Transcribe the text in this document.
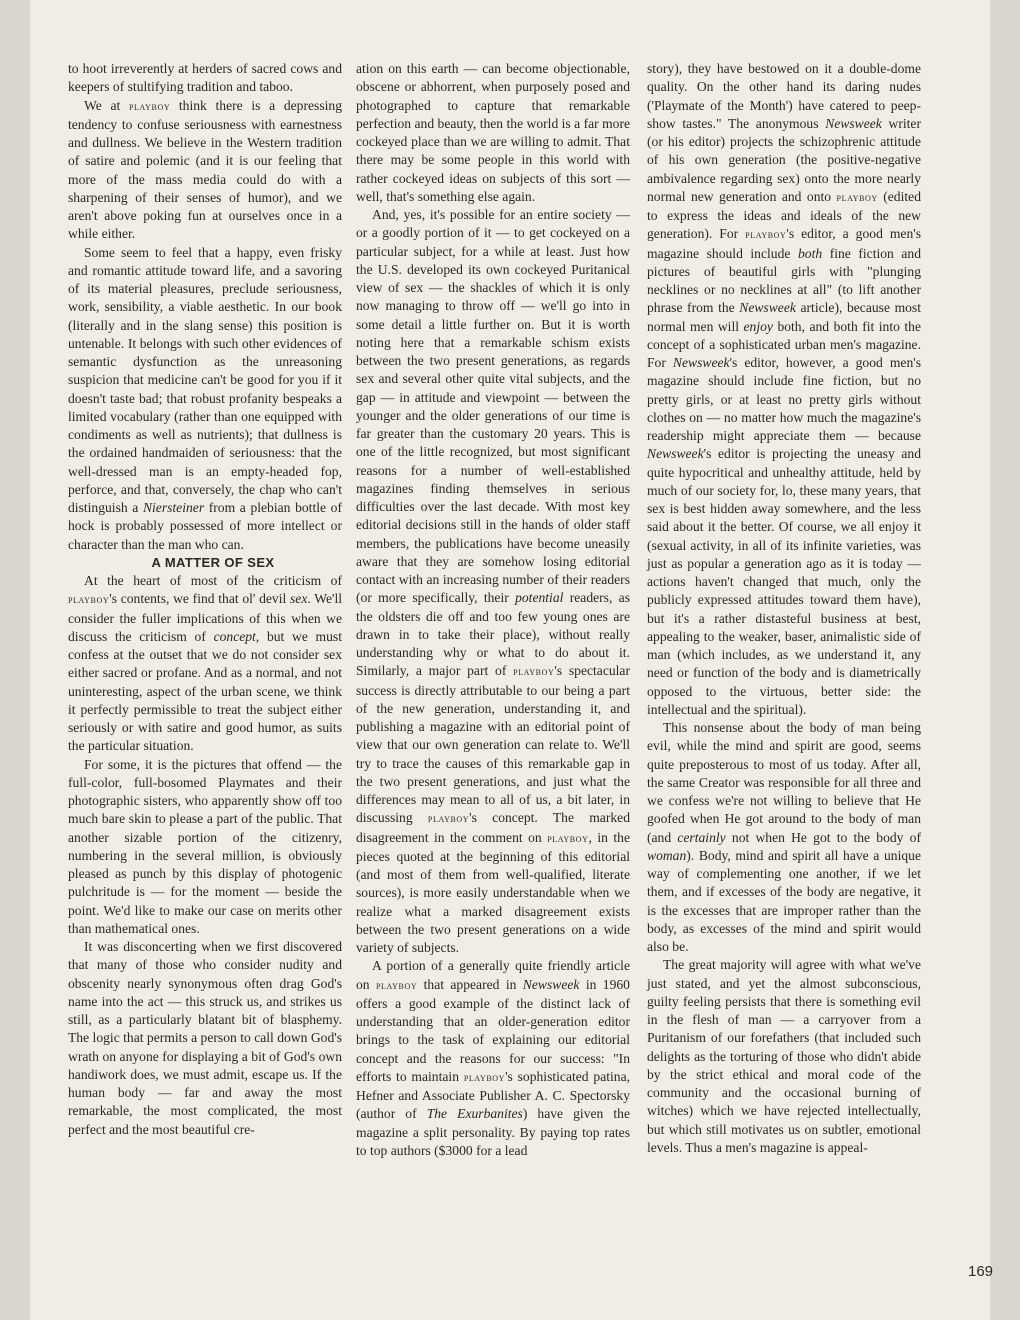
to hoot irreverently at herders of sacred cows and keepers of stultifying tradition and taboo.

We at playboy think there is a depressing tendency to confuse seriousness with earnestness and dullness. We believe in the Western tradition of satire and polemic (and it is our feeling that more of the mass media could do with a sharpening of their senses of humor), and we aren't above poking fun at ourselves once in a while either.

Some seem to feel that a happy, even frisky and romantic attitude toward life, and a savoring of its material pleasures, preclude seriousness, work, sensibility, a viable aesthetic. In our book (literally and in the slang sense) this position is untenable. It belongs with such other evidences of semantic dysfunction as the unreasoning suspicion that medicine can't be good for you if it doesn't taste bad; that robust profanity bespeaks a limited vocabulary (rather than one equipped with condiments as well as nutrients); that dullness is the ordained handmaiden of seriousness: that the well-dressed man is an empty-headed fop, perforce, and that, conversely, the chap who can't distinguish a Niersteiner from a plebian bottle of hock is probably possessed of more intellect or character than the man who can.

A MATTER OF SEX

At the heart of most of the criticism of playboy's contents, we find that ol' devil sex. We'll consider the fuller implications of this when we discuss the criticism of concept, but we must confess at the outset that we do not consider sex either sacred or profane. And as a normal, and not uninteresting, aspect of the urban scene, we think it perfectly permissible to treat the subject either seriously or with satire and good humor, as suits the particular situation.

For some, it is the pictures that offend — the full-color, full-bosomed Playmates and their photographic sisters, who apparently show off too much bare skin to please a part of the public. That another sizable portion of the citizenry, numbering in the several million, is obviously pleased as punch by this display of photogenic pulchritude is — for the moment — beside the point. We'd like to make our case on merits other than mathematical ones.

It was disconcerting when we first discovered that many of those who consider nudity and obscenity nearly synonymous often drag God's name into the act — this struck us, and strikes us still, as a particularly blatant bit of blasphemy. The logic that permits a person to call down God's wrath on anyone for displaying a bit of God's own handiwork does, we must admit, escape us. If the human body — far and away the most remarkable, the most complicated, the most perfect and the most beautiful cre-

ation on this earth — can become objectionable, obscene or abhorrent, when purposely posed and photographed to capture that remarkable perfection and beauty, then the world is a far more cockeyed place than we are willing to admit. That there may be some people in this world with rather cockeyed ideas on subjects of this sort — well, that's something else again.

And, yes, it's possible for an entire society — or a goodly portion of it — to get cockeyed on a particular subject, for a while at least. Just how the U.S. developed its own cockeyed Puritanical view of sex — the shackles of which it is only now managing to throw off — we'll go into in some detail a little further on. But it is worth noting here that a remarkable schism exists between the two present generations, as regards sex and several other quite vital subjects, and the gap — in attitude and viewpoint — between the younger and the older generations of our time is far greater than the customary 20 years. This is one of the little recognized, but most significant reasons for a number of well-established magazines finding themselves in serious difficulties over the last decade. With most key editorial decisions still in the hands of older staff members, the publications have become uneasily aware that they are somehow losing editorial contact with an increasing number of their readers (or more specifically, their potential readers, as the oldsters die off and too few young ones are drawn in to take their place), without really understanding why or what to do about it. Similarly, a major part of playboy's spectacular success is directly attributable to our being a part of the new generation, understanding it, and publishing a magazine with an editorial point of view that our own generation can relate to. We'll try to trace the causes of this remarkable gap in the two present generations, and just what the differences may mean to all of us, a bit later, in discussing playboy's concept. The marked disagreement in the comment on playboy, in the pieces quoted at the beginning of this editorial (and most of them from well-qualified, literate sources), is more easily understandable when we realize what a marked disagreement exists between the two present generations on a wide variety of subjects.

A portion of a generally quite friendly article on playboy that appeared in Newsweek in 1960 offers a good example of the distinct lack of understanding that an older-generation editor brings to the task of explaining our editorial concept and the reasons for our success: "In efforts to maintain playboy's sophisticated patina, Hefner and Associate Publisher A. C. Spectorsky (author of The Exurbanites) have given the magazine a split personality. By paying top rates to top authors ($3000 for a lead

story), they have bestowed on it a double-dome quality. On the other hand its daring nudes ('Playmate of the Month') have catered to peep-show tastes." The anonymous Newsweek writer (or his editor) projects the schizophrenic attitude of his own generation (the positive-negative ambivalence regarding sex) onto the more nearly normal new generation and onto playboy (edited to express the ideas and ideals of the new generation). For playboy's editor, a good men's magazine should include both fine fiction and pictures of beautiful girls with "plunging necklines or no necklines at all" (to lift another phrase from the Newsweek article), because most normal men will enjoy both, and both fit into the concept of a sophisticated urban men's magazine. For Newsweek's editor, however, a good men's magazine should include fine fiction, but no pretty girls, or at least no pretty girls without clothes on — no matter how much the magazine's readership might appreciate them — because Newsweek's editor is projecting the uneasy and quite hypocritical and unhealthy attitude, held by much of our society for, lo, these many years, that sex is best hidden away somewhere, and the less said about it the better. Of course, we all enjoy it (sexual activity, in all of its infinite varieties, was just as popular a generation ago as it is today — actions haven't changed that much, only the publicly expressed attitudes toward them have), but it's a rather distasteful business at best, appealing to the weaker, baser, animalistic side of man (which includes, as we understand it, any need or function of the body and is diametrically opposed to the virtuous, better side: the intellectual and the spiritual).

This nonsense about the body of man being evil, while the mind and spirit are good, seems quite preposterous to most of us today. After all, the same Creator was responsible for all three and we confess we're not willing to believe that He goofed when He got around to the body of man (and certainly not when He got to the body of woman). Body, mind and spirit all have a unique way of complementing one another, if we let them, and if excesses of the body are negative, it is the excesses that are improper rather than the body, as excesses of the mind and spirit would also be.

The great majority will agree with what we've just stated, and yet the almost subconscious, guilty feeling persists that there is something evil in the flesh of man — a carryover from a Puritanism of our forefathers (that included such delights as the torturing of those who didn't abide by the strict ethical and moral code of the community and the occasional burning of witches) which we have rejected intellectually, but which still motivates us on subtler, emotional levels. Thus a men's magazine is appeal-

169
